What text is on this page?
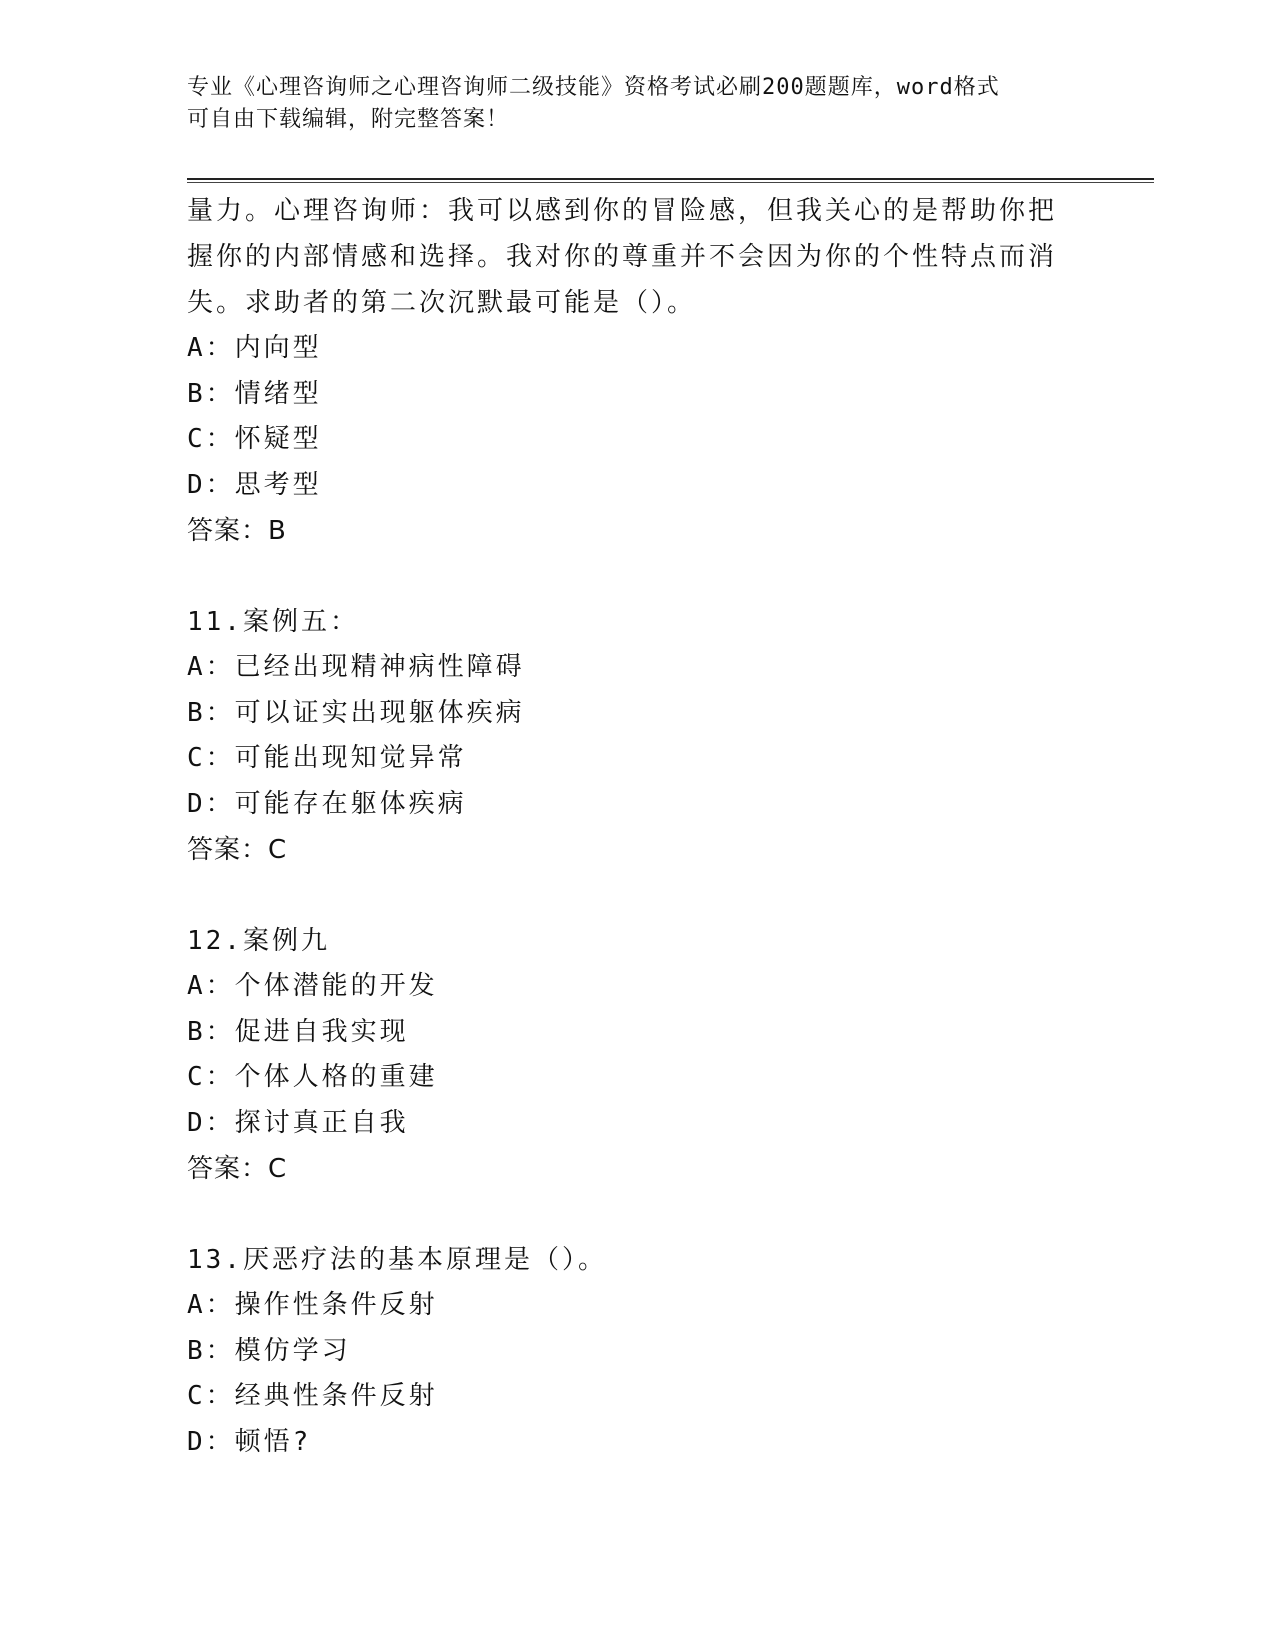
专业《心理咨询师之心理咨询师二级技能》资格考试必刷200题题库，word格式
可自由下载编辑，附完整答案！
量力。心理咨询师：我可以感到你的冒险感，但我关心的是帮助你把
握你的内部情感和选择。我对你的尊重并不会因为你的个性特点而消
失。求助者的第二次沉默最可能是（）。
A：内向型
B：情绪型
C：怀疑型
D：思考型
答案：B
11.案例五：
A：已经出现精神病性障碍
B：可以证实出现躯体疾病
C：可能出现知觉异常
D：可能存在躯体疾病
答案：C
12.案例九
A：个体潜能的开发
B：促进自我实现
C：个体人格的重建
D：探讨真正自我
答案：C
13.厌恶疗法的基本原理是（）。
A：操作性条件反射
B：模仿学习
C：经典性条件反射
D：顿悟?
